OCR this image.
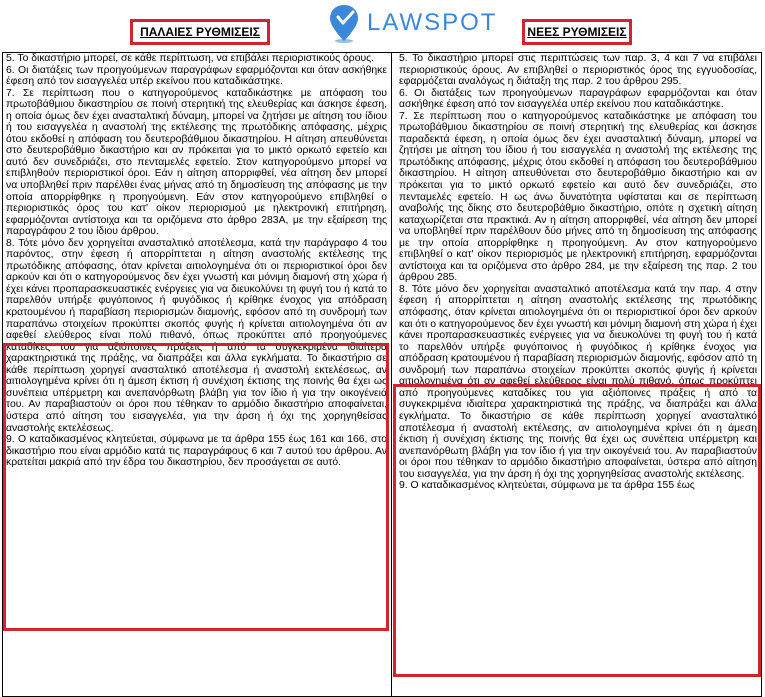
ΠΑΛΑΙΕΣ ΡΥΘΜΙΣΕΙΣ	LAWSPOT ΝΕΕΣ ΡΥΘΜΙΣΕΙΣ

5. Το δικαστήριο μπορεί, σε κάθε περίπτωση, να επιβάλει περιοριστικούς όρους.

6. Οι διατάξεις των προηγούμενων παραγράφων εφαρμόζονται και όταν ασκήθηκε έφεση από τον εισαγγελέα υπέρ εκείνου που καταδικάστηκε.

7. Σε περίπτωση που ο κατηγορούμενος καταδικάστηκε με απόφαση του πρωτοβάθμιου δικαστηρίου σε ποινή στερητική της ελευθερίας και άσκησε έφεση, η οποία όμως δεν έχει ανασταλτική δύναμη, μπορεί να ζητήσει με αίτηση του ίδιου ή του εισαγγελέα η αναστολή της εκτέλεσης της πρωτόδικης απόφασης, μέχρις ότου εκδοθεί η απόφαση του δευτεροβάθμιου δικαστηρίου. Η αίτηση απευθύνεται στο δευτεροβάθμιο δικαστήριο και αν πρόκειται για το μικτό ορκωτό εφετείο και αυτό δεν συνεδριάζει, στο πενταμελές εφετείο. Στον κατηγορούμενο μπορεί να επιβληθούν περιοριστικοί όροι. Εάν η αίτηση απορριφθεί, νέα αίτηση δεν μπορεί να υποβληθεί πριν παρέλθει ένας μήνας από τη δημοσίευση της απόφασης με την οποία απορρίφθηκε η προηγούμενη. Εάν στον κατηγορούμενο επιβληθεί ο περιοριστικός όρος του κατ' οίκον περιορισμού με ηλεκτρονική επιτήρηση, εφαρμόζονται αντίστοιχα και τα οριζόμενα στο άρθρο 283Α, με την εξαίρεση της παραγράφου 2 του ίδιου άρθρου.

8. Τότε μόνο δεν χορηγείται ανασταλτικό αποτέλεσμα, κατά την παράγραφο 4 του παρόντος, στην έφεση ή απορρίπτεται η αίτηση αναστολής εκτέλεσης της πρωτόδικης απόφασης, όταν κρίνεται αιτιολογημένα ότι οι περιοριστικοί όροι δεν αρκούν και ότι ο κατηγορούμενος δεν έχει γνωστή και μόνιμη διαμονή στη χώρα ή έχει κάνει προπαρασκευαστικές ενέργειες για να διευκολύνει τη φυγή του ή κατά το παρελθόν υπήρξε φυγόποινος ή φυγόδικος ή κρίθηκε ένοχος για απόδραση κρατουμένου ή παραβίαση περιορισμών διαμονής, εφόσον από τη συνδρομή των παραπάνω στοιχείων προκύπτει σκοπός φυγής ή κρίνεται αιτιολογημένα ότι αν αφεθεί ελεύθερος είναι πολύ πιθανό, όπως προκύπτει από προηγούμενες καταδίκες του για αξιόποινες πράξεις ή από τα συγκεκριμένα ιδιαίτερα χαρακτηριστικά της πράξης, να διαπράξει και άλλα εγκλήματα. Το δικαστήριο σε κάθε περίπτωση χορηγεί ανασταλτικό αποτέλεσμα ή αναστολή εκτελέσεως, αν αιτιολογημένα κρίνει ότι η άμεση έκτιση ή συνέχιση έκτισης της ποινής θα έχει ως συνέπεια υπέρμετρη και ανεπανόρθωτη βλάβη για τον ίδιο ή για την οικογένειά του. Αν παραβιαστούν οι όροι που τέθηκαν το αρμόδιο δικαστήριο αποφαίνεται, ύστερα από αίτηση του εισαγγελέα, για την άρση ή όχι της χορηγηθείσας αναστολής εκτελέσεως.

9. Ο καταδικασμένος κλητεύεται, σύμφωνα με τα άρθρα 155 έως 161 και 166, στο δικαστήριο που είναι αρμόδιο κατά τις παραγράφους 6 και 7 αυτού του άρθρου. Αν κρατείται μακριά από την έδρα του δικαστηρίου, δεν προσάγεται σε αυτό.

5. Το δικαστήριο μπορεί στις περιπτώσεις των παρ. 3, 4 και 7 να επιβάλει περιοριστικούς όρους. Αν επιβληθεί ο περιοριστικός όρος της εγγυοδοσίας, εφαρμόζεται αναλόγως η διάταξη της παρ. 2 του άρθρου 295.

6. Οι διατάξεις των προηγούμενων παραγράφων εφαρμόζονται και όταν ασκήθηκε έφεση από τον εισαγγελέα υπέρ εκείνου που καταδικάστηκε.

7. Σε περίπτωση που ο κατηγορούμενος καταδικάστηκε με απόφαση του πρωτοβάθμιου δικαστηρίου σε ποινή στερητική της ελευθερίας και άσκησε παραδεκτά έφεση, η οποία όμως δεν έχει ανασταλτική δύναμη, μπορεί να ζητήσει με αίτηση του ίδιου ή του εισαγγελέα η αναστολή της εκτέλεσης της πρωτόδικης απόφασης, μέχρις ότου εκδοθεί η απόφαση του δευτεροβάθμιου δικαστηρίου. Η αίτηση απευθύνεται στο δευτεροβάθμιο δικαστήριο και αν πρόκειται για το μικτό ορκωτό εφετείο και αυτό δεν συνεδριάζει, στο πενταμελές εφετείο. Η ως άνω δυνατότητα υφίσταται και σε περίπτωση αναβολής της δίκης στο δευτεροβάθμιο δικαστήριο, οπότε η σχετική αίτηση καταχωρίζεται στα πρακτικά. Αν η αίτηση απορριφθεί, νέα αίτηση δεν μπορεί να υποβληθεί πριν παρέλθουν δύο μήνες από τη δημοσίευση της απόφασης με την οποία απορρίφθηκε η προηγούμενη. Αν στον κατηγορούμενο επιβληθεί ο κατ' οίκον περιορισμός με ηλεκτρονική επιτήρηση, εφαρμόζονται αντίστοιχα και τα οριζόμενα στο άρθρο 284, με την εξαίρεση της παρ. 2 του άρθρου 285.

8. Τότε μόνο δεν χορηγείται ανασταλτικό αποτέλεσμα κατά την παρ. 4 στην έφεση ή απορρίπτεται η αίτηση αναστολής εκτέλεσης της πρωτόδικης απόφασης, όταν κρίνεται αιτιολογημένα ότι οι περιοριστικοί όροι δεν αρκούν και ότι ο κατηγορούμενος δεν έχει γνωστή και μόνιμη διαμονή στη χώρα ή έχει κάνει προπαρασκευαστικές ενέργειες για να διευκολύνει τη φυγή του ή κατά το παρελθόν υπήρξε φυγόποινος ή φυγόδικος ή κρίθηκε ένοχος για απόδραση κρατουμένου ή παραβίαση περιορισμών διαμονής, εφόσον από τη συνδρομή των παραπάνω στοιχείων προκύπτει σκοπός φυγής ή κρίνεται αιτιολογημένα ότι αν αφεθεί ελεύθερος είναι πολύ πιθανό, όπως προκύπτει από προηγούμενες καταδίκες του για αξιόποινες πράξεις ή από τα συγκεκριμένα ιδιαίτερα χαρακτηριστικά της πράξης, να διαπράξει και άλλα εγκλήματα. Το δικαστήριο σε κάθε περίπτωση χορηγεί ανασταλτικό αποτέλεσμα ή αναστολή εκτέλεσης, αν αιτιολογημένα κρίνει ότι η άμεση έκτιση ή συνέχιση έκτισης της ποινής θα έχει ως συνέπεια υπέρμετρη και ανεπανόρθωτη βλάβη για τον ίδιο ή για την οικογένειά του. Αν παραβιαστούν οι όροι που τέθηκαν το αρμόδιο δικαστήριο αποφαίνεται, ύστερα από αίτηση του εισαγγελέα, για την άρση ή όχι της χορηγηθείσας αναστολής εκτέλεσης.

9. Ο καταδικασμένος κλητεύεται, σύμφωνα με τα άρθρα 155 έως
